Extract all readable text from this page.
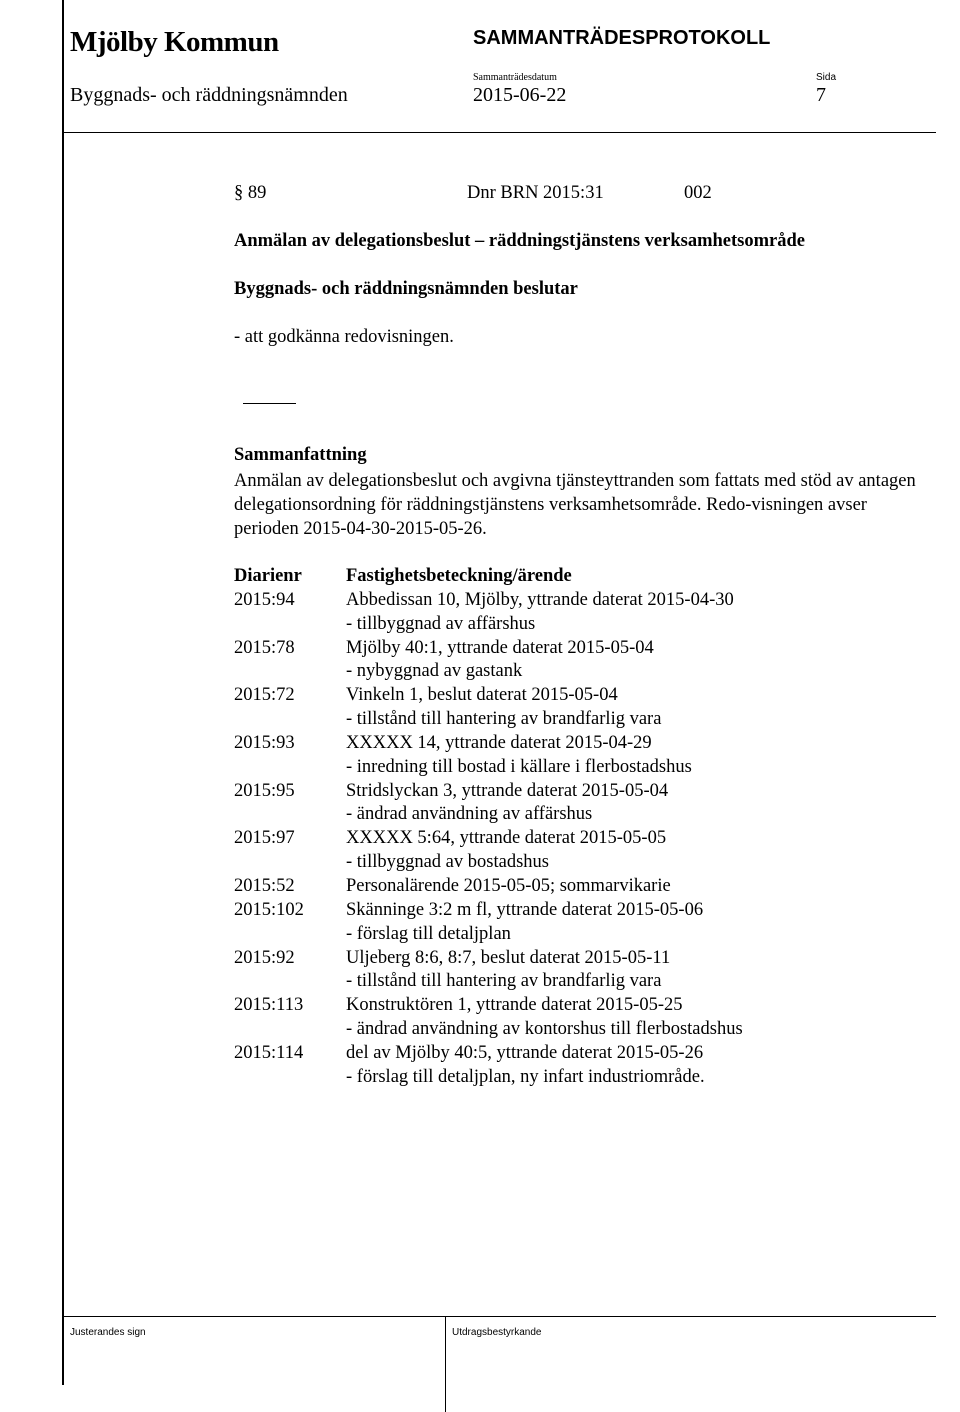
Mjölby Kommun	SAMMANTRÄDESPROTOKOLL
Sammanträdesdatum	Sida
Byggnads- och räddningsnämnden	2015-06-22	7
§ 89	Dnr BRN 2015:31	002
Anmälan av delegationsbeslut – räddningstjänstens verksamhetsområde
Byggnads- och räddningsnämnden beslutar
- att godkänna redovisningen.
Sammanfattning
Anmälan av delegationsbeslut och avgivna tjänsteyttranden som fattats med stöd av antagen delegationsordning för räddningstjänstens verksamhetsområde. Redo-visningen avser perioden 2015-04-30-2015-05-26.
Diarienr	Fastighetsbeteckning/ärende
2015:94	Abbedissan 10, Mjölby, yttrande daterat 2015-04-30
- tillbyggnad av affärshus
2015:78	Mjölby 40:1, yttrande daterat 2015-05-04
- nybyggnad av gastank
2015:72	Vinkeln 1, beslut daterat 2015-05-04
- tillstånd till hantering av brandfarlig vara
2015:93	XXXXX 14, yttrande daterat 2015-04-29
- inredning till bostad i källare i flerbostadshus
2015:95	Stridslyckan 3, yttrande daterat 2015-05-04
- ändrad användning av affärshus
2015:97	XXXXX 5:64, yttrande daterat 2015-05-05
- tillbyggnad av bostadshus
2015:52	Personalärende 2015-05-05; sommarvikarie
2015:102	Skänninge 3:2 m fl, yttrande daterat 2015-05-06
- förslag till detaljplan
2015:92	Uljeberg 8:6, 8:7, beslut daterat 2015-05-11
- tillstånd till hantering av brandfarlig vara
2015:113	Konstruktören 1, yttrande daterat 2015-05-25
- ändrad användning av kontorshus till flerbostadshus
2015:114	del av Mjölby 40:5, yttrande daterat 2015-05-26
- förslag till detaljplan, ny infart industriområde.
Justerandes sign	Utdragsbestyrkande
